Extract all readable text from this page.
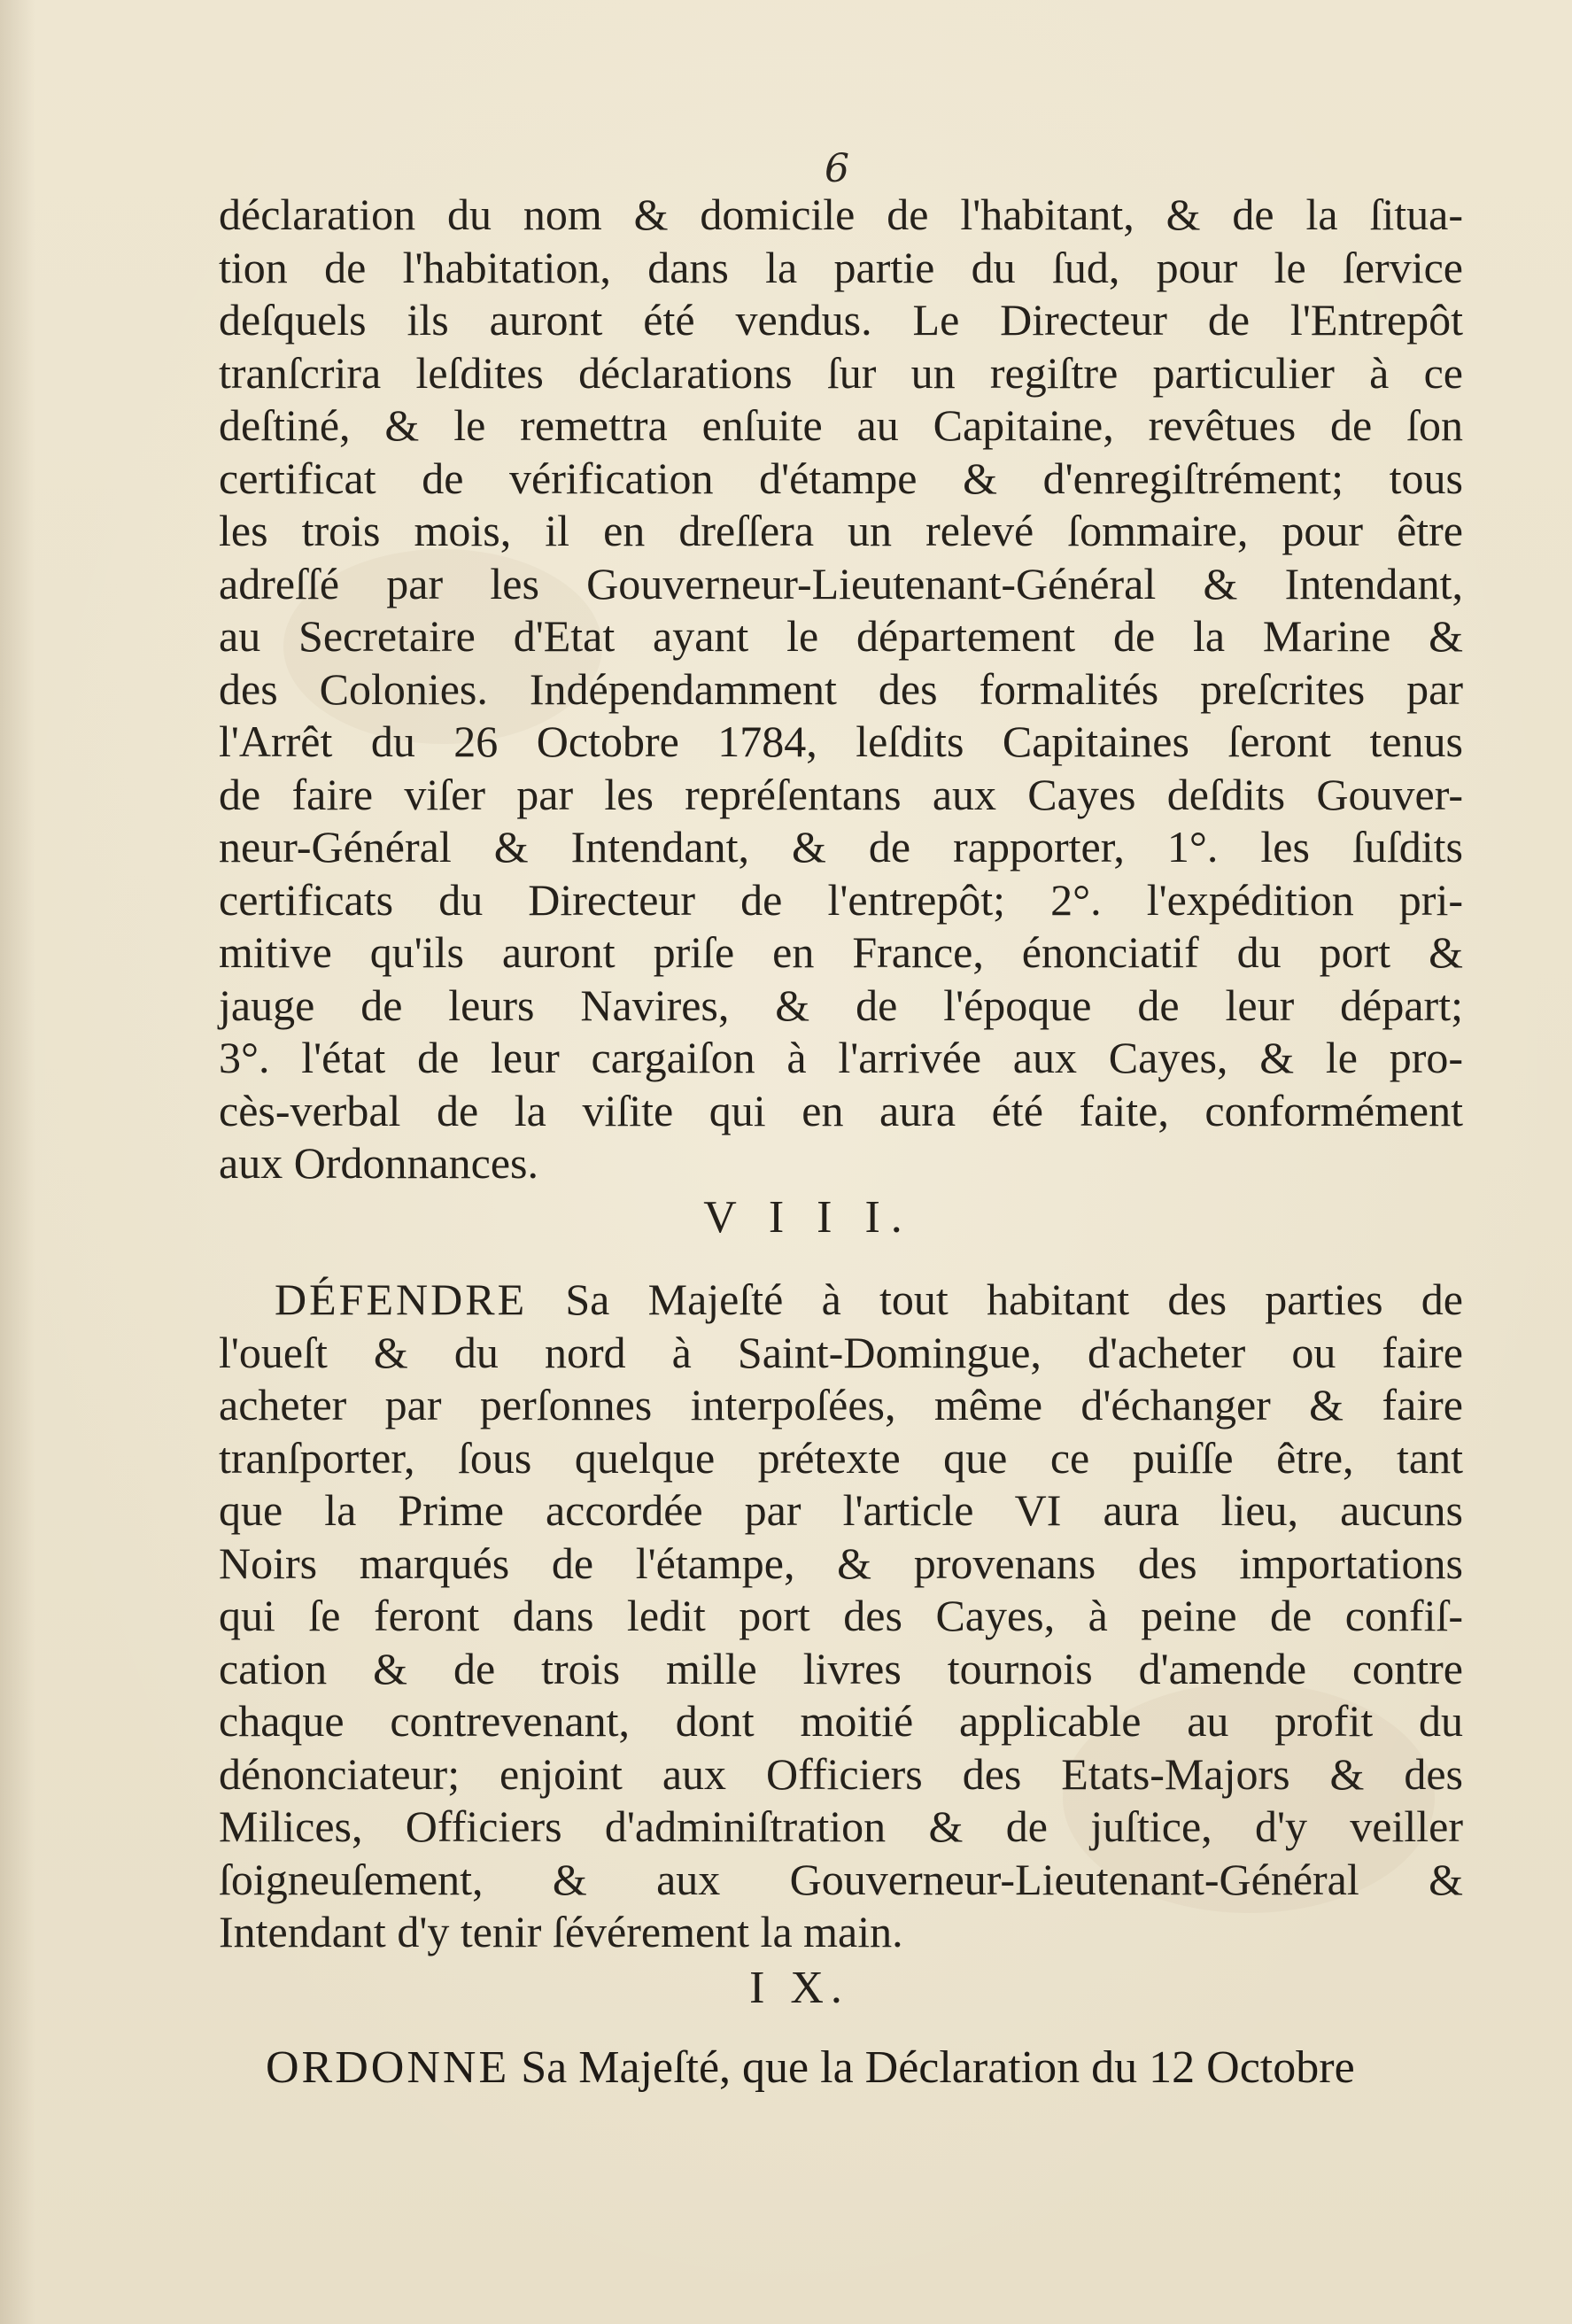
6
déclaration du nom & domicile de l'habitant, & de la ſitua-
tion de l'habitation, dans la partie du ſud, pour le ſervice
deſquels ils auront été vendus. Le Directeur de l'Entrepôt
tranſcrira leſdites déclarations ſur un regiſtre particulier à ce
deſtiné, & le remettra enſuite au Capitaine, revêtues de ſon
certificat de vérification d'étampe & d'enregiſtrément; tous
les trois mois, il en dreſſera un relevé ſommaire, pour être
adreſſé par les Gouverneur-Lieutenant-Général & Intendant,
au Secretaire d'Etat ayant le département de la Marine &
des Colonies. Indépendamment des formalités preſcrites par
l'Arrêt du 26 Octobre 1784, leſdits Capitaines ſeront tenus
de faire viſer par les repréſentans aux Cayes deſdits Gouver-
neur-Général & Intendant, & de rapporter, 1°. les ſuſdits
certificats du Directeur de l'entrepôt; 2°. l'expédition pri-
mitive qu'ils auront priſe en France, énonciatif du port &
jauge de leurs Navires, & de l'époque de leur départ;
3°. l'état de leur cargaiſon à l'arrivée aux Cayes, & le pro-
cès-verbal de la viſite qui en aura été faite, conformément
aux Ordonnances.
V I I I.
DÉFENDRE Sa Majeſté à tout habitant des parties de
l'oueſt & du nord à Saint-Domingue, d'acheter ou faire
acheter par perſonnes interpoſées, même d'échanger & faire
tranſporter, ſous quelque prétexte que ce puiſſe être, tant
que la Prime accordée par l'article VI aura lieu, aucuns
Noirs marqués de l'étampe, & provenans des importations
qui ſe feront dans ledit port des Cayes, à peine de confiſ-
cation & de trois mille livres tournois d'amende contre
chaque contrevenant, dont moitié applicable au profit du
dénonciateur; enjoint aux Officiers des Etats-Majors & des
Milices, Officiers d'adminiſtration & de juſtice, d'y veiller
ſoigneuſement, & aux Gouverneur-Lieutenant-Général &
Intendant d'y tenir ſévérement la main.
I X.
ORDONNE Sa Majeſté, que la Déclaration du 12 Octobre
